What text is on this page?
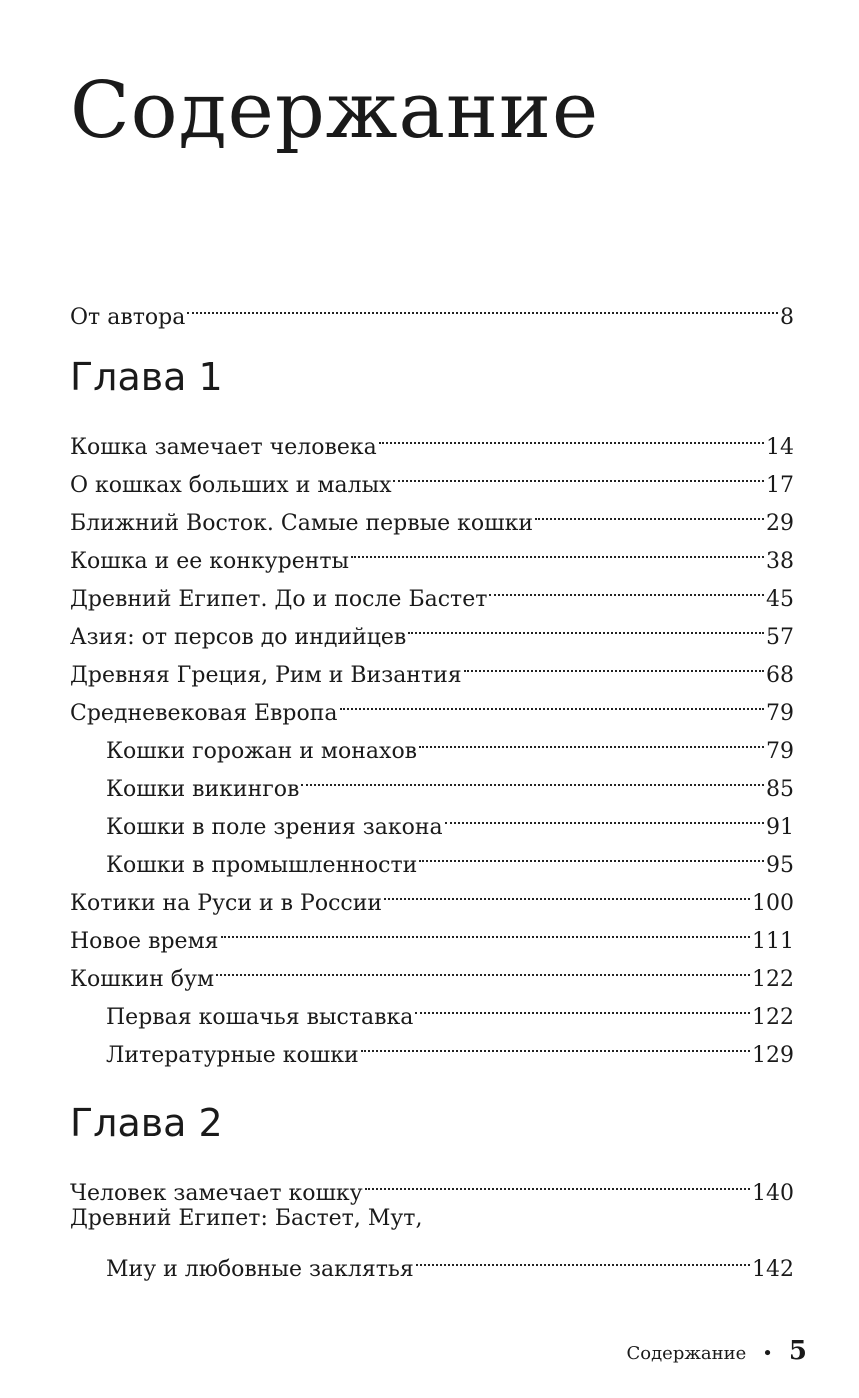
Содержание
От автора	8
Глава 1
Кошка замечает человека	14
О кошках больших и малых	17
Ближний Восток. Самые первые кошки	29
Кошка и ее конкуренты	38
Древний Египет. До и после Бастет	45
Азия: от персов до индийцев	57
Древняя Греция, Рим и Византия	68
Средневековая Европа	79
Кошки горожан и монахов	79
Кошки викингов	85
Кошки в поле зрения закона	91
Кошки в промышленности	95
Котики на Руси и в России	100
Новое время	111
Кошкин бум	122
Первая кошачья выставка	122
Литературные кошки	129
Глава 2
Человек замечает кошку	140
Древний Египет: Бастет, Мут,
Миу и любовные заклятья	142
Содержание • 5
